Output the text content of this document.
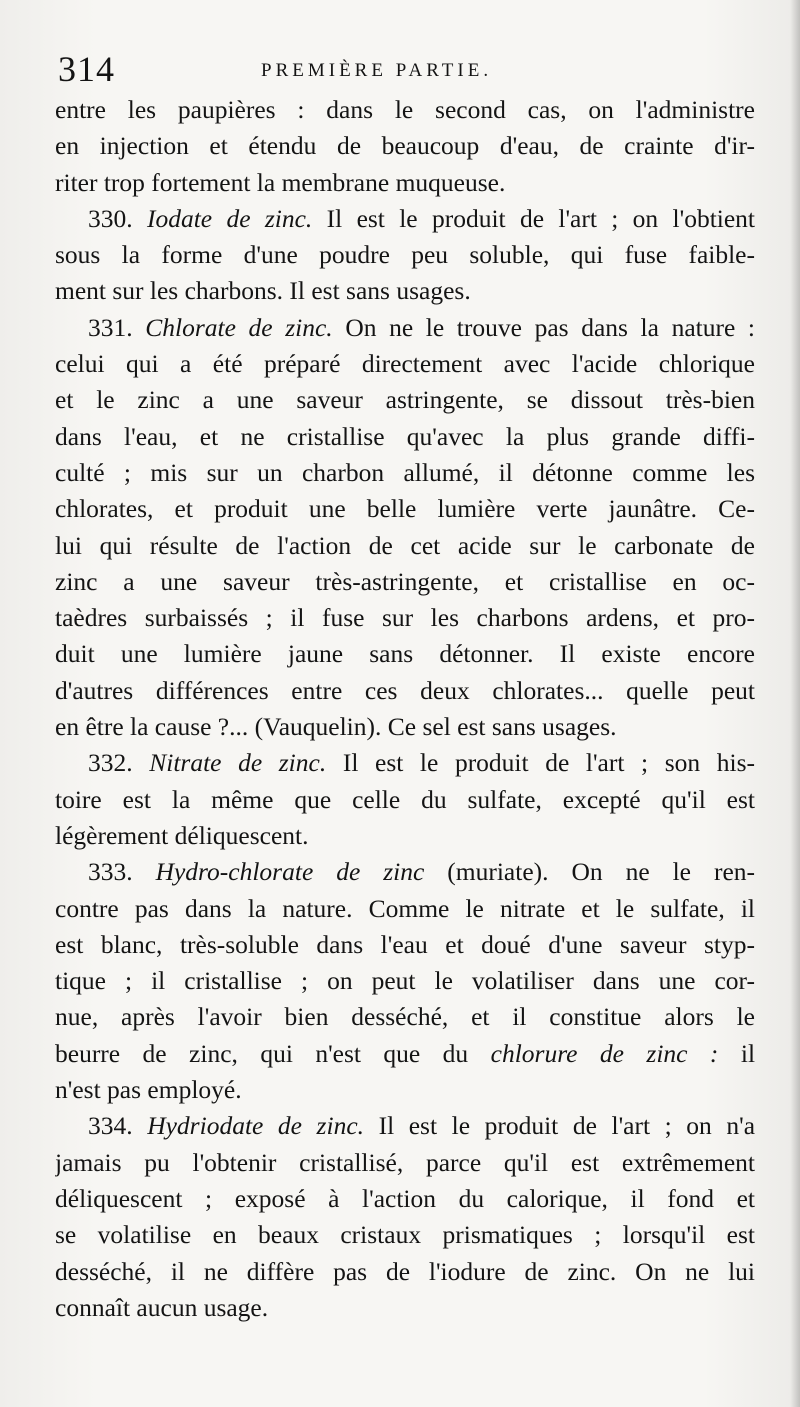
314	PREMIÈRE PARTIE.
entre les paupières : dans le second cas, on l'administre
en injection et étendu de beaucoup d'eau, de crainte d'ir-
riter trop fortement la membrane muqueuse.
330. Iodate de zinc. Il est le produit de l'art ; on l'obtient
sous la forme d'une poudre peu soluble, qui fuse faible-
ment sur les charbons. Il est sans usages.
331. Chlorate de zinc. On ne le trouve pas dans la nature :
celui qui a été préparé directement avec l'acide chlorique
et le zinc a une saveur astringente, se dissout très-bien
dans l'eau, et ne cristallise qu'avec la plus grande diffi-
culté ; mis sur un charbon allumé, il détonne comme les
chlorates, et produit une belle lumière verte jaunâtre. Ce-
lui qui résulte de l'action de cet acide sur le carbonate de
zinc a une saveur très-astringente, et cristallise en oc-
taèdres surbaissés ; il fuse sur les charbons ardens, et pro-
duit une lumière jaune sans détonner. Il existe encore
d'autres différences entre ces deux chlorates... quelle peut
en être la cause ?... (Vauquelin). Ce sel est sans usages.
332. Nitrate de zinc. Il est le produit de l'art ; son his-
toire est la même que celle du sulfate, excepté qu'il est
légèrement déliquescent.
333. Hydro-chlorate de zinc (muriate). On ne le ren-
contre pas dans la nature. Comme le nitrate et le sulfate, il
est blanc, très-soluble dans l'eau et doué d'une saveur styp-
tique ; il cristallise ; on peut le volatiliser dans une cor-
nue, après l'avoir bien desséché, et il constitue alors le
beurre de zinc, qui n'est que du chlorure de zinc : il
n'est pas employé.
334. Hydriodate de zinc. Il est le produit de l'art ; on n'a
jamais pu l'obtenir cristallisé, parce qu'il est extrêmement
déliquescent ; exposé à l'action du calorique, il fond et
se volatilise en beaux cristaux prismatiques ; lorsqu'il est
desséché, il ne diffère pas de l'iodure de zinc. On ne lui
connaît aucun usage.
